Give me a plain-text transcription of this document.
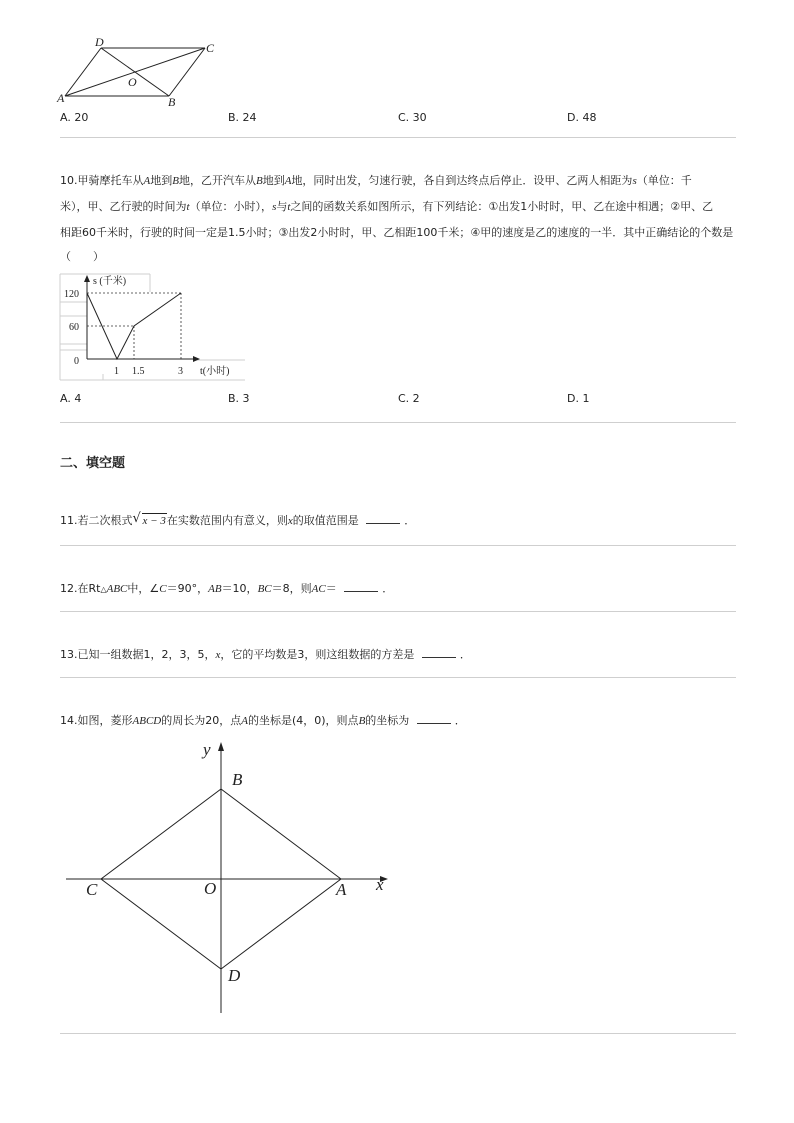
D	C
O
A	B
A. 20	B. 24	C. 30	D. 48
10.甲骑摩托车从A地到B地，乙开汽车从B地到A地，同时出发，匀速行驶，各自到达终点后停止．设甲、乙两人相距为s（单位：千
米），甲、乙行驶的时间为t（单位：小时），s与t之间的函数关系如图所示，有下列结论：①出发1小时时，甲、乙在途中相遇；②甲、乙
相距60千米时，行驶的时间一定是1.5小时；③出发2小时时，甲、乙相距100千米；④甲的速度是乙的速度的一半．其中正确结论的个数是
（　　）
s (千米)
120
60
0
1 1.5	3 t(小时)
A. 4	B. 3	C. 2	D. 1
二、填空题
11.若二次根式 √ x − 3在实数范围内有意义，则x的取值范围是	．
12.在Rt△ABC中，∠C＝90°，AB＝10，BC＝8，则AC＝	．
13.已知一组数据1，2，3，5，x，它的平均数是3，则这组数据的方差是	．
14.如图，菱形ABCD的周长为20，点A的坐标是(4，0)，则点B的坐标为	．
y
x
B
C	O	A
D
